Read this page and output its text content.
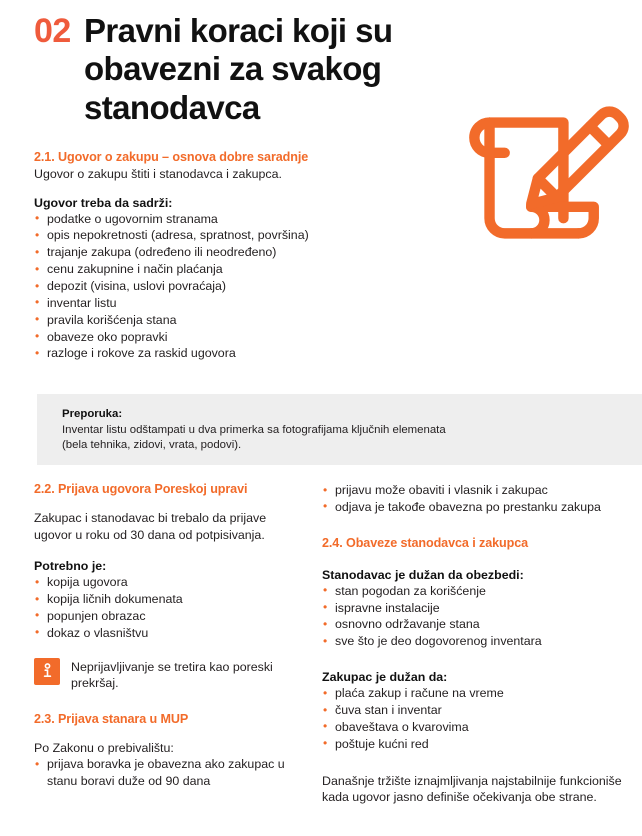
02 Pravni koraci koji su obavezni za svakog stanodavca
2.1. Ugovor o zakupu – osnova dobre saradnje

Ugovor o zakupu štiti i stanodavca i zakupca.

Ugovor treba da sadrži:
• podatke o ugovornim stranama
• opis nepokretnosti (adresa, spratnost, površina)
• trajanje zakupa (određeno ili neodređeno)
• cenu zakupnine i način plaćanja
• depozit (visina, uslovi povraćaja)
• inventar listu
• pravila korišćenja stana
• obaveze oko popravki
• razloge i rokove za raskid ugovora
Preporuka:
Inventar listu odštampati u dva primerka sa fotografijama ključnih elemenata
(bela tehnika, zidovi, vrata, podovi).
2.2. Prijava ugovora Poreskoj upravi

Zakupac i stanodavac bi trebalo da prijave ugovor u roku od 30 dana od potpisivanja.

Potrebno je:
• kopija ugovora
• kopija ličnih dokumenata
• popunjen obrazac
• dokaz o vlasništvu
Neprijavljivanje se tretira kao poreski prekršaj.
2.3. Prijava stanara u MUP

Po Zakonu o prebivalištu:

• prijava boravka je obavezna ako zakupac u stanu boravi duže od 90 dana
• prijavu može obaviti i vlasnik i zakupac
• odjava je takođe obavezna po prestanku zakupa
2.4. Obaveze stanodavca i zakupca
Stanodavac je dužan da obezbedi:
• stan pogodan za korišćenje
• ispravne instalacije
• osnovno održavanje stana
• sve što je deo dogovorenog inventara
Zakupac je dužan da:
• plaća zakup i račune na vreme
• čuva stan i inventar
• obaveštava o kvarovima
• poštuje kućni red

Današnje tržište iznajmljivanja najstabilnije funkcioniše kada ugovor jasno definiše očekivanja obe strane.
